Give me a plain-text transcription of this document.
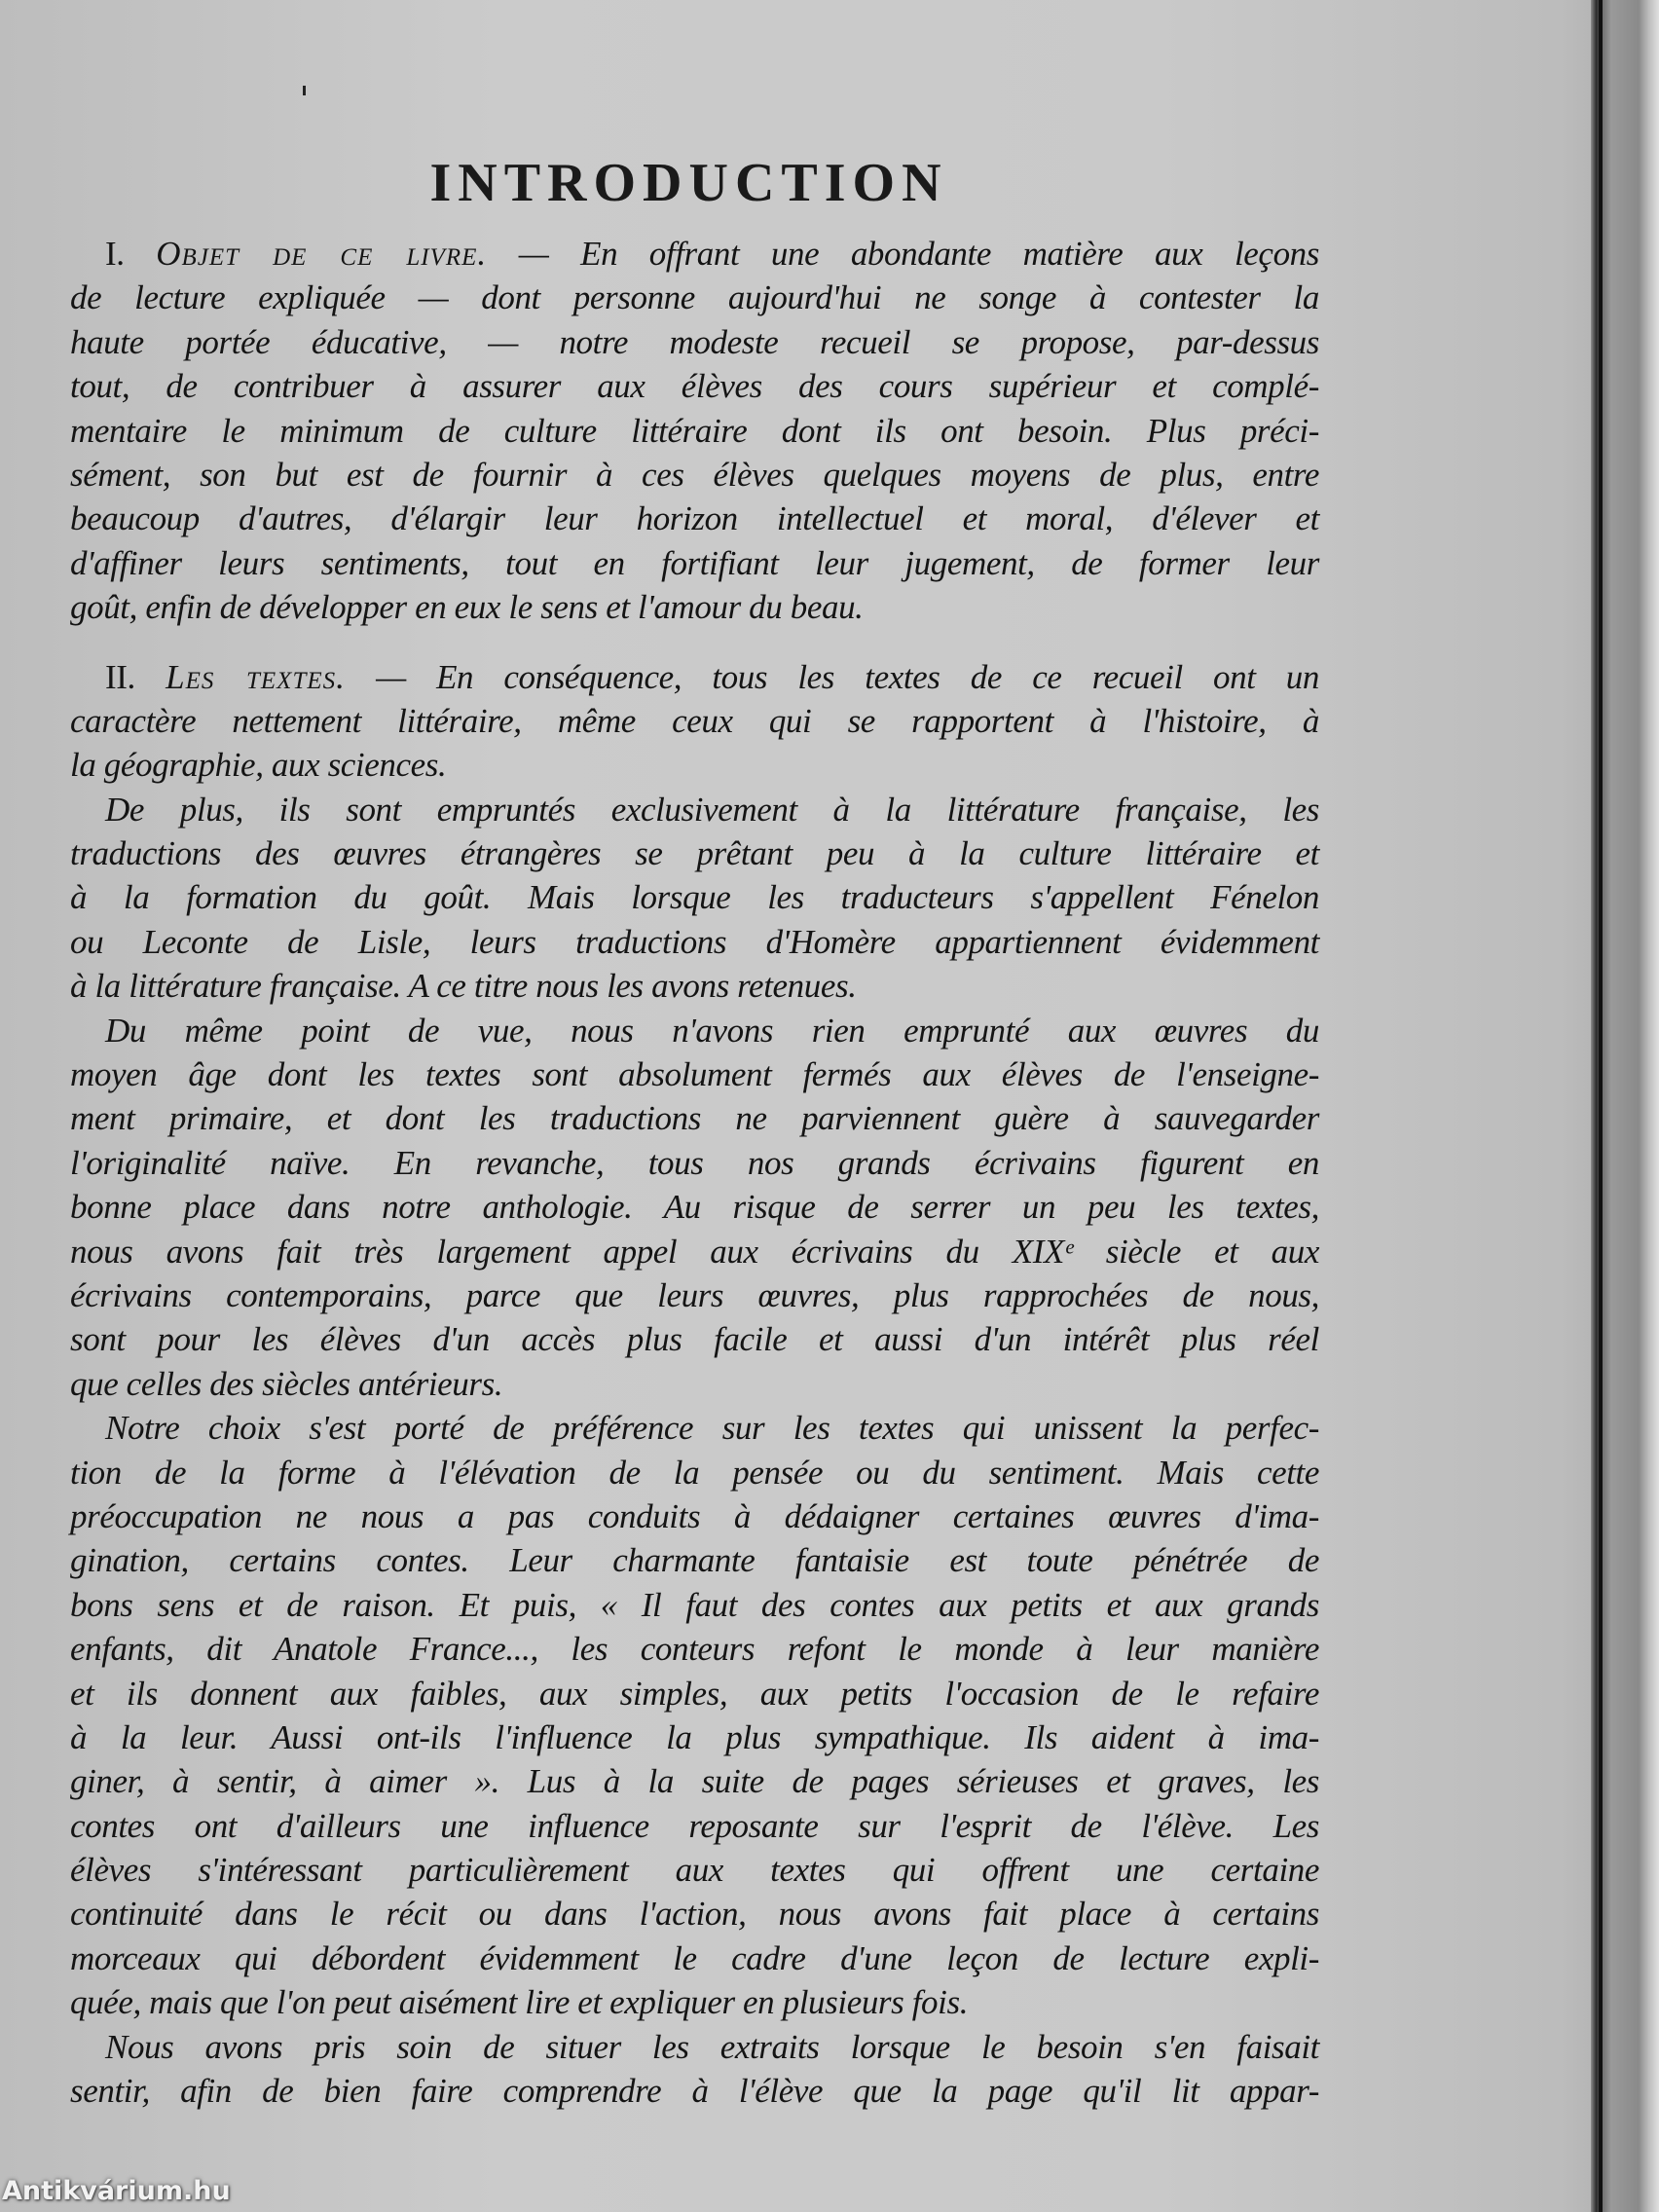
INTRODUCTION
I. Objet de ce livre. — En offrant une abondante matière aux leçons
de lecture expliquée — dont personne aujourd'hui ne songe à contester la
haute portée éducative, — notre modeste recueil se propose, par-dessus
tout, de contribuer à assurer aux élèves des cours supérieur et complé-
mentaire le minimum de culture littéraire dont ils ont besoin. Plus préci-
sément, son but est de fournir à ces élèves quelques moyens de plus, entre
beaucoup d'autres, d'élargir leur horizon intellectuel et moral, d'élever et
d'affiner leurs sentiments, tout en fortifiant leur jugement, de former leur
goût, enfin de développer en eux le sens et l'amour du beau.
II. Les textes. — En conséquence, tous les textes de ce recueil ont un
caractère nettement littéraire, même ceux qui se rapportent à l'histoire, à
la géographie, aux sciences.
De plus, ils sont empruntés exclusivement à la littérature française, les
traductions des œuvres étrangères se prêtant peu à la culture littéraire et
à la formation du goût. Mais lorsque les traducteurs s'appellent Fénelon
ou Leconte de Lisle, leurs traductions d'Homère appartiennent évidemment
à la littérature française. A ce titre nous les avons retenues.
Du même point de vue, nous n'avons rien emprunté aux œuvres du
moyen âge dont les textes sont absolument fermés aux élèves de l'enseigne-
ment primaire, et dont les traductions ne parviennent guère à sauvegarder
l'originalité naïve. En revanche, tous nos grands écrivains figurent en
bonne place dans notre anthologie. Au risque de serrer un peu les textes,
nous avons fait très largement appel aux écrivains du XIXᵉ siècle et aux
écrivains contemporains, parce que leurs œuvres, plus rapprochées de nous,
sont pour les élèves d'un accès plus facile et aussi d'un intérêt plus réel
que celles des siècles antérieurs.
Notre choix s'est porté de préférence sur les textes qui unissent la perfec-
tion de la forme à l'élévation de la pensée ou du sentiment. Mais cette
préoccupation ne nous a pas conduits à dédaigner certaines œuvres d'ima-
gination, certains contes. Leur charmante fantaisie est toute pénétrée de
bons sens et de raison. Et puis, « Il faut des contes aux petits et aux grands
enfants, dit Anatole France..., les conteurs refont le monde à leur manière
et ils donnent aux faibles, aux simples, aux petits l'occasion de le refaire
à la leur. Aussi ont-ils l'influence la plus sympathique. Ils aident à ima-
giner, à sentir, à aimer ». Lus à la suite de pages sérieuses et graves, les
contes ont d'ailleurs une influence reposante sur l'esprit de l'élève. Les
élèves s'intéressant particulièrement aux textes qui offrent une certaine
continuité dans le récit ou dans l'action, nous avons fait place à certains
morceaux qui débordent évidemment le cadre d'une leçon de lecture expli-
quée, mais que l'on peut aisément lire et expliquer en plusieurs fois.
Nous avons pris soin de situer les extraits lorsque le besoin s'en faisait
sentir, afin de bien faire comprendre à l'élève que la page qu'il lit appar-
Antikvárium.hu
